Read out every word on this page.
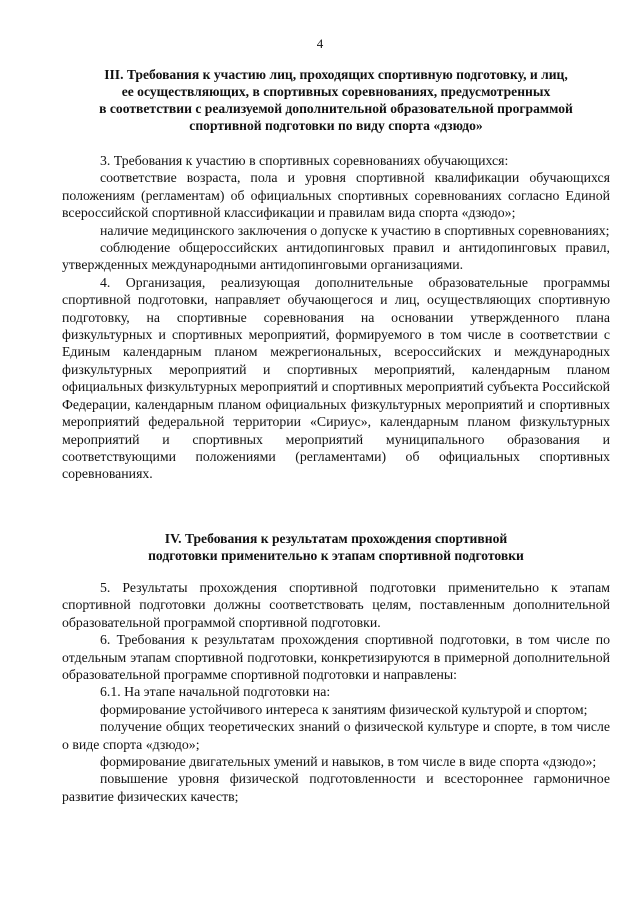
4
III. Требования к участию лиц, проходящих спортивную подготовку, и лиц,
ее осуществляющих, в спортивных соревнованиях, предусмотренных
в соответствии с реализуемой дополнительной образовательной программой
спортивной подготовки по виду спорта «дзюдо»

3. Требования к участию в спортивных соревнованиях обучающихся:

соответствие возраста, пола и уровня спортивной квалификации обучающихся положениям (регламентам) об официальных спортивных соревнованиях согласно Единой всероссийской спортивной классификации и правилам вида спорта «дзюдо»;

наличие медицинского заключения о допуске к участию в спортивных соревнованиях;

соблюдение общероссийских антидопинговых правил и антидопинговых правил, утвержденных международными антидопинговыми организациями.

4. Организация, реализующая дополнительные образовательные программы спортивной подготовки, направляет обучающегося и лиц, осуществляющих спортивную подготовку, на спортивные соревнования на основании утвержденного плана физкультурных и спортивных мероприятий, формируемого в том числе в соответствии с Единым календарным планом межрегиональных, всероссийских и международных физкультурных мероприятий и спортивных мероприятий, календарным планом официальных физкультурных мероприятий и спортивных мероприятий субъекта Российской Федерации, календарным планом официальных физкультурных мероприятий и спортивных мероприятий федеральной территории «Сириус», календарным планом физкультурных мероприятий и спортивных мероприятий муниципального образования и соответствующими положениями (регламентами) об официальных спортивных соревнованиях.

IV. Требования к результатам прохождения спортивной
подготовки применительно к этапам спортивной подготовки

5. Результаты прохождения спортивной подготовки применительно к этапам спортивной подготовки должны соответствовать целям, поставленным дополнительной образовательной программой спортивной подготовки.

6. Требования к результатам прохождения спортивной подготовки, в том числе по отдельным этапам спортивной подготовки, конкретизируются в примерной дополнительной образовательной программе спортивной подготовки и направлены:

6.1. На этапе начальной подготовки на:

формирование устойчивого интереса к занятиям физической культурой и спортом;

получение общих теоретических знаний о физической культуре и спорте, в том числе о виде спорта «дзюдо»;

формирование двигательных умений и навыков, в том числе в виде спорта «дзюдо»;

повышение уровня физической подготовленности и всестороннее гармоничное развитие физических качеств;
